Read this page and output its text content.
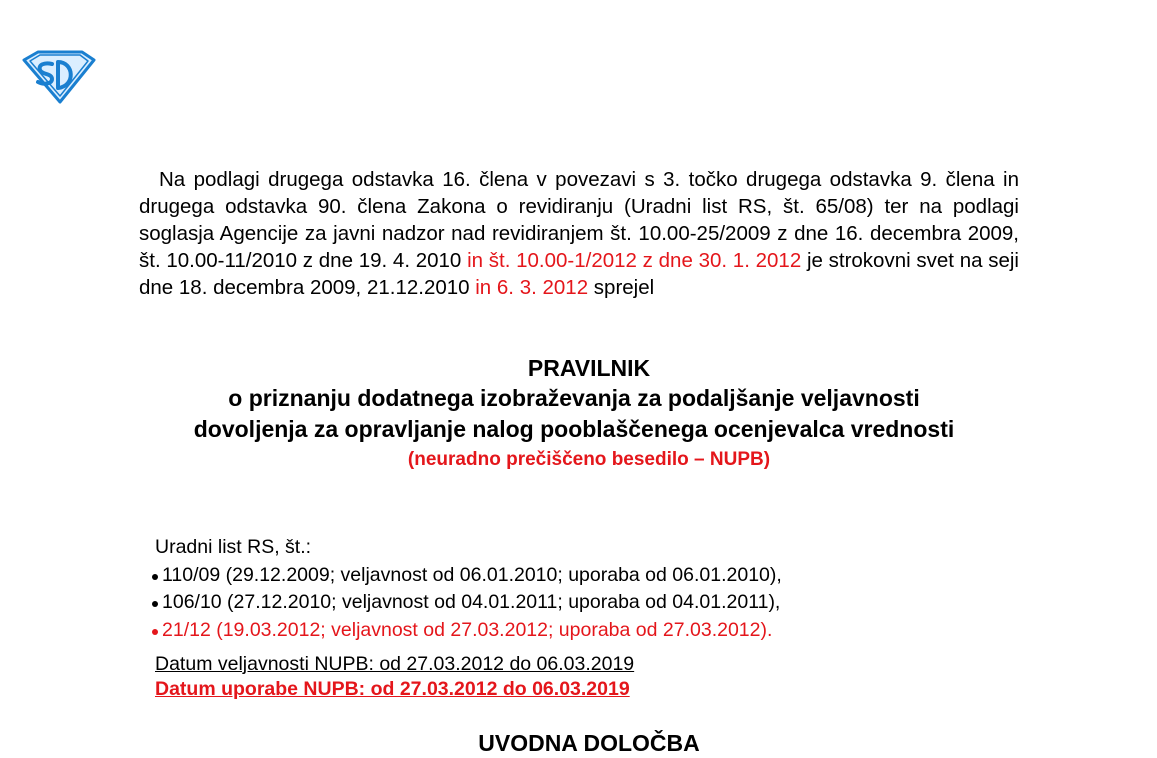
Na podlagi drugega odstavka 16. člena v povezavi s 3. točko drugega odstavka 9. člena in drugega odstavka 90. člena Zakona o revidiranju (Uradni list RS, št. 65/08) ter na podlagi soglasja Agencije za javni nadzor nad revidiranjem št. 10.00-25/2009 z dne 16. decembra 2009, št. 10.00-11/2010 z dne 19. 4. 2010 in št. 10.00-1/2012 z dne 30. 1. 2012 je strokovni svet na seji dne 18. decembra 2009, 21.12.2010 in 6. 3. 2012 sprejel
PRAVILNIK
o priznanju dodatnega izobraževanja za podaljšanje veljavnosti dovoljenja za opravljanje nalog pooblaščenega ocenjevalca vrednosti
(neuradno prečiščeno besedilo – NUPB)
Uradni list RS, št.:
110/09 (29.12.2009; veljavnost od 06.01.2010; uporaba od 06.01.2010),
106/10 (27.12.2010; veljavnost od 04.01.2011; uporaba od 04.01.2011),
21/12 (19.03.2012; veljavnost od 27.03.2012; uporaba od 27.03.2012).
Datum veljavnosti NUPB: od 27.03.2012 do 06.03.2019
Datum uporabe NUPB: od 27.03.2012 do 06.03.2019
UVODNA DOLOČBA
